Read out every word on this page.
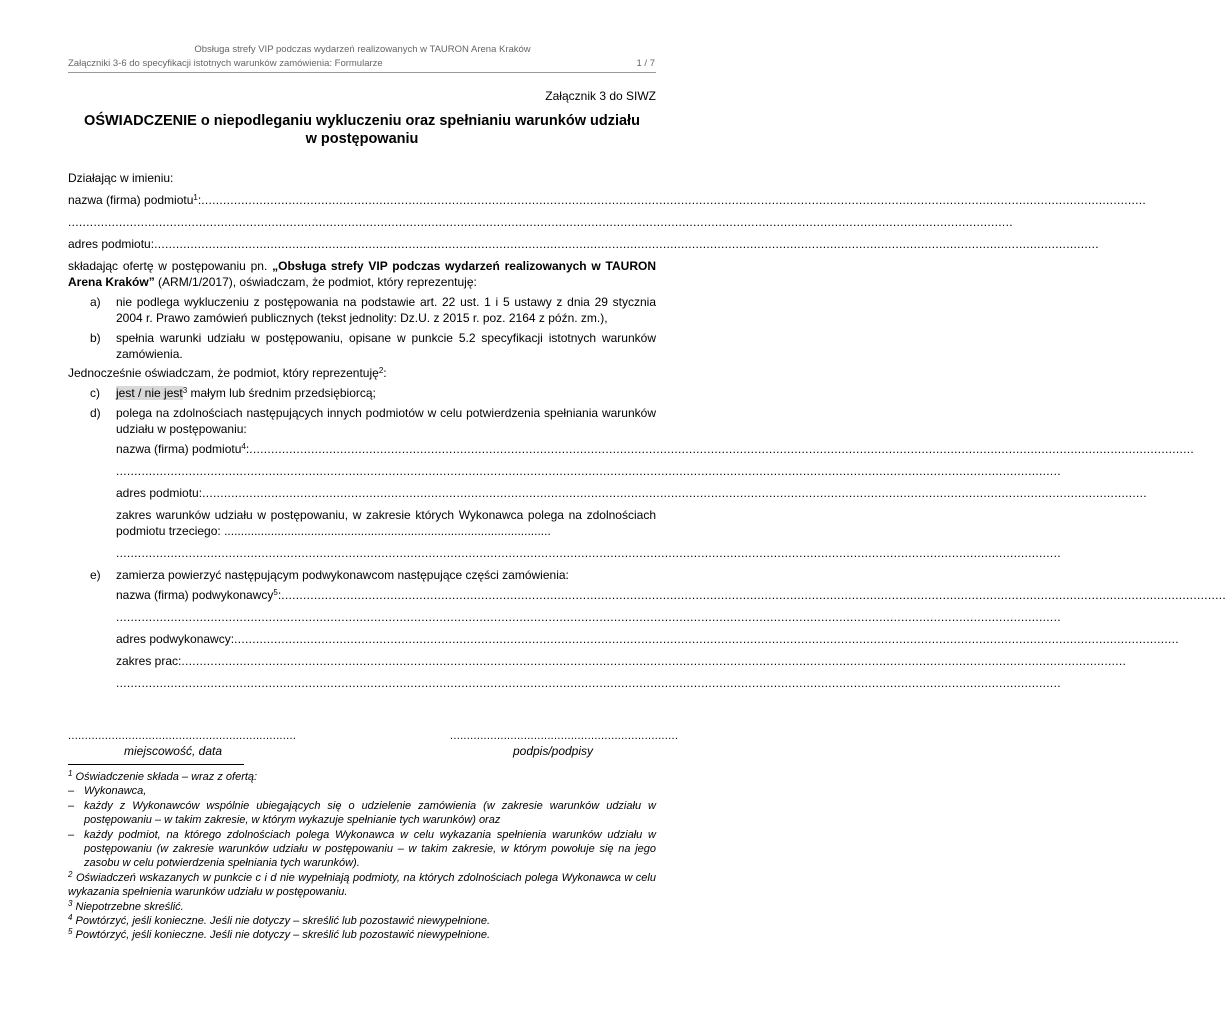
Obsługa strefy VIP podczas wydarzeń realizowanych w TAURON Arena Kraków
Załączniki 3-6 do specyfikacji istotnych warunków zamówienia: Formularze	1 / 7

Załącznik 3 do SIWZ

OŚWIADCZENIE o niepodleganiu wykluczeniu oraz spełnianiu warunków udziału w postępowaniu

Działając w imieniu:

nazwa (firma) podmiotu$^1$: ....................................................................................................................................................................................................................................................................
....................................................................................................................................................................................................................................................................
adres podmiotu: ....................................................................................................................................................................................................................................................................

składając ofertę w postępowaniu pn. „Obsługa strefy VIP podczas wydarzeń realizowanych w TAURON Arena Kraków” (ARM/1/2017), oświadczam, że podmiot, który reprezentuję:

a)	nie podlega wykluczeniu z postępowania na podstawie art. 22 ust. 1 i 5 ustawy z dnia 29 stycznia 2004 r. Prawo zamówień publicznych (tekst jednolity: Dz.U. z 2015 r. poz. 2164 z późn. zm.),
b)	spełnia warunki udziału w postępowaniu, opisane w punkcie 5.2 specyfikacji istotnych warunków zamówienia.

Jednocześnie oświadczam, że podmiot, który reprezentuję$^2$:

c)	jest / nie jest$^3$ małym lub średnim przedsiębiorcą;
d)	polega na zdolnościach następujących innych podmiotów w celu potwierdzenia spełniania warunków udziału w postępowaniu:
nazwa (firma) podmiotu$^4$: ....................................................................................................................................................................................................................................................................
....................................................................................................................................................................................................................................................................
adres podmiotu: ....................................................................................................................................................................................................................................................................

zakres warunków udziału w postępowaniu, w zakresie których Wykonawca polega na zdolnościach podmiotu trzeciego: ..................................................................................................

....................................................................................................................................................................................................................................................................
e)	zamierza powierzyć następującym podwykonawcom następujące części zamówienia:
nazwa (firma) podwykonawcy$^5$: ....................................................................................................................................................................................................................................................................
....................................................................................................................................................................................................................................................................
adres podwykonawcy: ....................................................................................................................................................................................................................................................................
zakres prac: ....................................................................................................................................................................................................................................................................
....................................................................................................................................................................................................................................................................
....................................................................
miejscowość, data
....................................................................
podpis/podpisy

$^1$ Oświadczenie składa – wraz z ofertą:

– Wykonawca,
– każdy z Wykonawców wspólnie ubiegających się o udzielenie zamówienia (w zakresie warunków udziału w postępowaniu – w takim zakresie, w którym wykazuje spełnianie tych warunków) oraz
– każdy podmiot, na którego zdolnościach polega Wykonawca w celu wykazania spełnienia warunków udziału w postępowaniu (w zakresie warunków udziału w postępowaniu – w takim zakresie, w którym powołuje się na jego zasobu w celu potwierdzenia spełniania tych warunków).

$^2$ Oświadczeń wskazanych w punkcie c i d nie wypełniają podmioty, na których zdolnościach polega Wykonawca w celu wykazania spełnienia warunków udziału w postępowaniu.

$^3$ Niepotrzebne skreślić.

$^4$ Powtórzyć, jeśli konieczne. Jeśli nie dotyczy – skreślić lub pozostawić niewypełnione.

$^5$ Powtórzyć, jeśli konieczne. Jeśli nie dotyczy – skreślić lub pozostawić niewypełnione.
